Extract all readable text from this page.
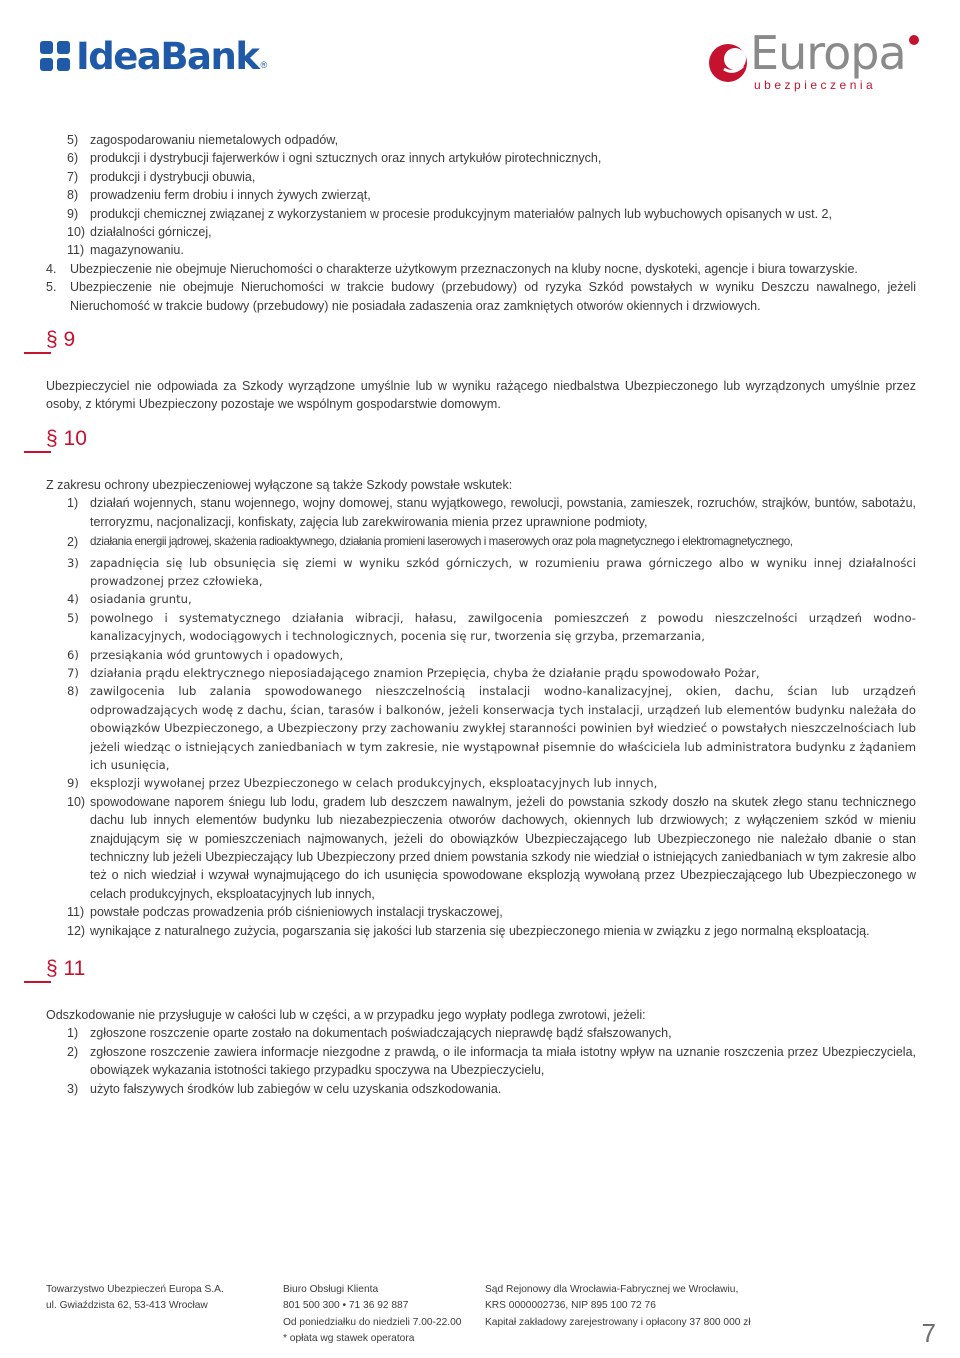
IdeaBank ®	Europa
ubezpieczenia
5) zagospodarowaniu niemetalowych odpadów,
6) produkcji i dystrybucji fajerwerków i ogni sztucznych oraz innych artykułów pirotechnicznych,
7) produkcji i dystrybucji obuwia,
8) prowadzeniu ferm drobiu i innych żywych zwierząt,
9) produkcji chemicznej związanej z wykorzystaniem w procesie produkcyjnym materiałów palnych lub wybuchowych opisanych w ust. 2,
10) działalności górniczej,
11) magazynowaniu.
4. Ubezpieczenie nie obejmuje Nieruchomości o charakterze użytkowym przeznaczonych na kluby nocne, dyskoteki, agencje i biura towarzyskie.
5. Ubezpieczenie nie obejmuje Nieruchomości w trakcie budowy (przebudowy) od ryzyka Szkód powstałych w wyniku Deszczu nawalnego, jeżeli Nieruchomość w trakcie budowy (przebudowy) nie posiadała zadaszenia oraz zamkniętych otworów okiennych i drzwiowych.
§ 9
Ubezpieczyciel nie odpowiada za Szkody wyrządzone umyślnie lub w wyniku rażącego niedbalstwa Ubezpieczonego lub wyrządzonych umyślnie przez osoby, z którymi Ubezpieczony pozostaje we wspólnym gospodarstwie domowym.
§ 10
Z zakresu ochrony ubezpieczeniowej wyłączone są także Szkody powstałe wskutek:
1) działań wojennych, stanu wojennego, wojny domowej, stanu wyjątkowego, rewolucji, powstania, zamieszek, rozruchów, strajków, buntów, sabotażu, terroryzmu, nacjonalizacji, konfiskaty, zajęcia lub zarekwirowania mienia przez uprawnione podmioty,
2) działania energii jądrowej, skażenia radioaktywnego, działania promieni laserowych i maserowych oraz pola magnetycznego i elektromagnetycznego,
3) zapadnięcia się lub obsunięcia się ziemi w wyniku szkód górniczych, w rozumieniu prawa górniczego albo w wyniku innej działalności prowadzonej przez człowieka,
4) osiadania gruntu,
5) powolnego i systematycznego działania wibracji, hałasu, zawilgocenia pomieszczeń z powodu nieszczelności urządzeń wodno-kanalizacyjnych, wodociągowych i technologicznych, pocenia się rur, tworzenia się grzyba, przemarzania,
6) przesiąkania wód gruntowych i opadowych,
7) działania prądu elektrycznego nieposiadającego znamion Przepięcia, chyba że działanie prądu spowodowało Pożar,
8) zawilgocenia lub zalania spowodowanego nieszczelnością instalacji wodno-kanalizacyjnej, okien, dachu, ścian lub urządzeń odprowadzających wodę z dachu, ścian, tarasów i balkonów, jeżeli konserwacja tych instalacji, urządzeń lub elementów budynku należała do obowiązków Ubezpieczonego, a Ubezpieczony przy zachowaniu zwykłej staranności powinien był wiedzieć o powstałych nieszczelnościach lub jeżeli wiedząc o istniejących zaniedbaniach w tym zakresie, nie wystąpownał pisemnie do właściciela lub administratora budynku z żądaniem ich usunięcia,
9) eksplozji wywołanej przez Ubezpieczonego w celach produkcyjnych, eksploatacyjnych lub innych,
10) spowodowane naporem śniegu lub lodu, gradem lub deszczem nawalnym, jeżeli do powstania szkody doszło na skutek złego stanu technicznego dachu lub innych elementów budynku lub niezabezpieczenia otworów dachowych, okiennych lub drzwiowych; z wyłączeniem szkód w mieniu znajdującym się w pomieszczeniach najmowanych, jeżeli do obowiązków Ubezpieczającego lub Ubezpieczonego nie należało dbanie o stan techniczny lub jeżeli Ubezpieczający lub Ubezpieczony przed dniem powstania szkody nie wiedział o istniejących zaniedbaniach w tym zakresie albo też o nich wiedział i wzywał wynajmującego do ich usunięcia spowodowane eksplozją wywołaną przez Ubezpieczającego lub Ubezpieczonego w celach produkcyjnych, eksploatacyjnych lub innych,
11) powstałe podczas prowadzenia prób ciśnieniowych instalacji tryskaczowej,
12) wynikające z naturalnego zużycia, pogarszania się jakości lub starzenia się ubezpieczonego mienia w związku z jego normalną eksploatacją.
§ 11
Odszkodowanie nie przysługuje w całości lub w części, a w przypadku jego wypłaty podlega zwrotowi, jeżeli:
1) zgłoszone roszczenie oparte zostało na dokumentach poświadczających nieprawdę bądź sfałszowanych,
2) zgłoszone roszczenie zawiera informacje niezgodne z prawdą, o ile informacja ta miała istotny wpływ na uznanie roszczenia przez Ubezpieczyciela, obowiązek wykazania istotności takiego przypadku spoczywa na Ubezpieczycielu,
3) użyto fałszywych środków lub zabiegów w celu uzyskania odszkodowania.
Towarzystwo Ubezpieczeń Europa S.A.
ul. Gwiaździsta 62, 53-413 Wrocław
Biuro Obsługi Klienta
801 500 300 • 71 36 92 887
Od poniedziałku do niedzieli 7.00-22.00
* opłata wg stawek operatora
Sąd Rejonowy dla Wrocławia-Fabrycznej we Wrocławiu,
KRS 0000002736, NIP 895 100 72 76
Kapitał zakładowy zarejestrowany i opłacony 37 800 000 zł	7
